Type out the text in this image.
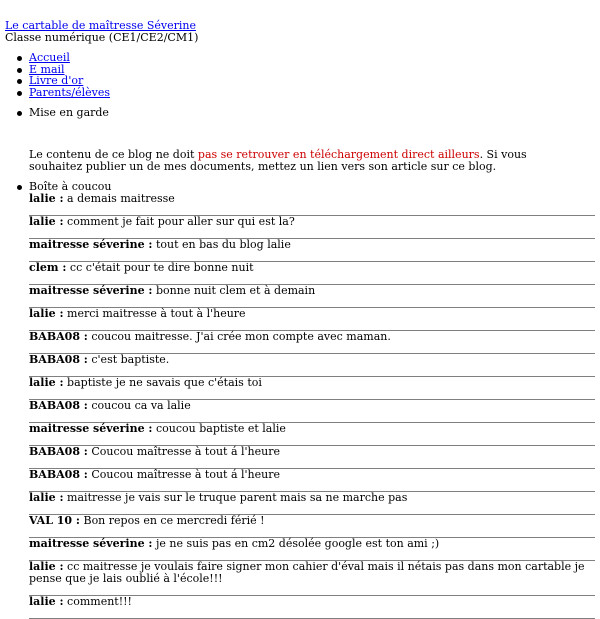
Le cartable de maîtresse Séverine
Classe numérique (CE1/CE2/CM1)
Accueil
E mail
Livre d'or
Parents/élèves
Mise en garde
Le contenu de ce blog ne doit pas se retrouver en téléchargement direct ailleurs. Si vous souhaitez publier un de mes documents, mettez un lien vers son article sur ce blog.
Boîte à coucou
lalie : a demais maitresse
lalie : comment je fait pour aller sur qui est la?
maitresse séverine : tout en bas du blog lalie
clem : cc c'était pour te dire bonne nuit
maitresse séverine : bonne nuit clem et à demain
lalie : merci maitresse à tout à l'heure
BABA08 : coucou maitresse. J'ai crée mon compte avec maman.
BABA08 : c'est baptiste.
lalie : baptiste je ne savais que c'étais toi
BABA08 : coucou ca va lalie
maitresse séverine : coucou baptiste et lalie
BABA08 : Coucou maîtresse à tout á l'heure
BABA08 : Coucou maîtresse à tout á l'heure
lalie : maitresse je vais sur le truque parent mais sa ne marche pas
VAL 10 : Bon repos en ce mercredi férié !
maitresse séverine : je ne suis pas en cm2 désolée google est ton ami ;)
lalie : cc maitresse je voulais faire signer mon cahier d'éval mais il nétais pas dans mon cartable je pense que je lais oublié à l'école!!!
lalie : comment!!!
